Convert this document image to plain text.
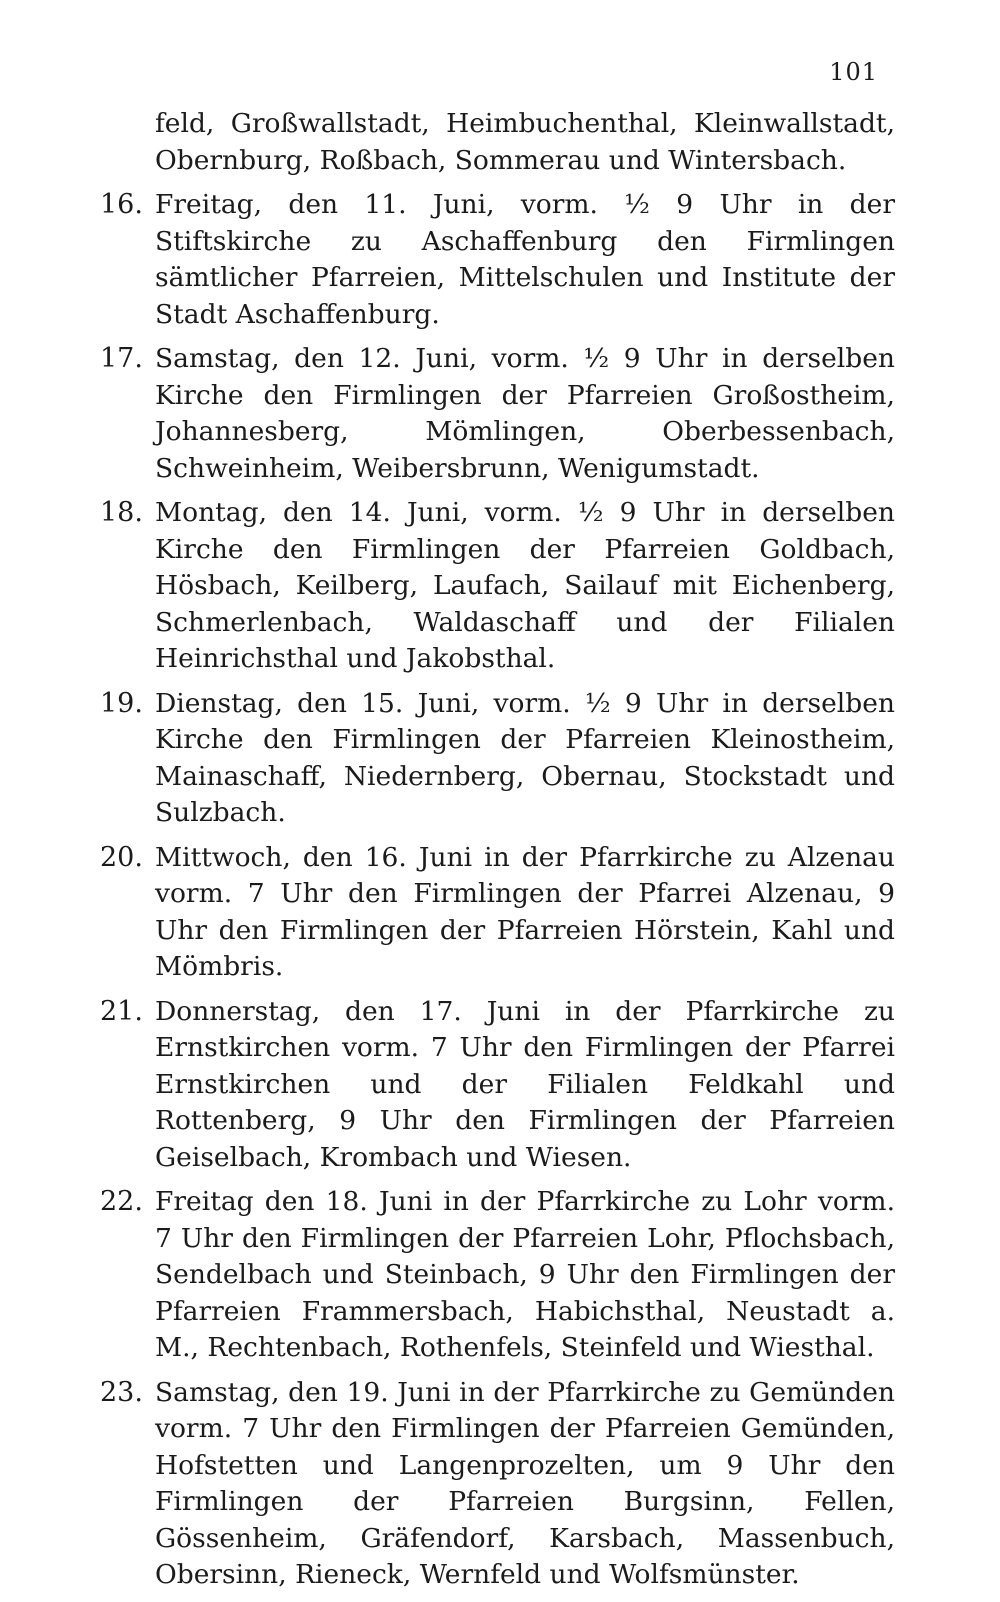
101
feld, Großwallstadt, Heimbuchenthal, Kleinwallstadt, Obernburg, Roßbach, Sommerau und Wintersbach.
16. Freitag, den 11. Juni, vorm. ½ 9 Uhr in der Stiftskirche zu Aschaffenburg den Firmlingen sämtlicher Pfarreien, Mittelschulen und Institute der Stadt Aschaffenburg.
17. Samstag, den 12. Juni, vorm. ½ 9 Uhr in derselben Kirche den Firmlingen der Pfarreien Großostheim, Johannesberg, Mömlingen, Oberbessenbach, Schweinheim, Weibersbrunn, Wenigumstadt.
18. Montag, den 14. Juni, vorm. ½ 9 Uhr in derselben Kirche den Firmlingen der Pfarreien Goldbach, Hösbach, Keilberg, Laufach, Sailauf mit Eichenberg, Schmerlenbach, Waldaschaff und der Filialen Heinrichsthal und Jakobsthal.
19. Dienstag, den 15. Juni, vorm. ½ 9 Uhr in derselben Kirche den Firmlingen der Pfarreien Kleinostheim, Mainaschaff, Niedernberg, Obernau, Stockstadt und Sulzbach.
20. Mittwoch, den 16. Juni in der Pfarrkirche zu Alzenau vorm. 7 Uhr den Firmlingen der Pfarrei Alzenau, 9 Uhr den Firmlingen der Pfarreien Hörstein, Kahl und Mömbris.
21. Donnerstag, den 17. Juni in der Pfarrkirche zu Ernstkirchen vorm. 7 Uhr den Firmlingen der Pfarrei Ernstkirchen und der Filialen Feldkahl und Rottenberg, 9 Uhr den Firmlingen der Pfarreien Geiselbach, Krombach und Wiesen.
22. Freitag den 18. Juni in der Pfarrkirche zu Lohr vorm. 7 Uhr den Firmlingen der Pfarreien Lohr, Pflochsbach, Sendelbach und Steinbach, 9 Uhr den Firmlingen der Pfarreien Frammersbach, Habichsthal, Neustadt a. M., Rechtenbach, Rothenfels, Steinfeld und Wiesthal.
23. Samstag, den 19. Juni in der Pfarrkirche zu Gemünden vorm. 7 Uhr den Firmlingen der Pfarreien Gemünden, Hofstetten und Langenprozelten, um 9 Uhr den Firmlingen der Pfarreien Burgsinn, Fellen, Gössenheim, Gräfendorf, Karsbach, Massenbuch, Obersinn, Rieneck, Wernfeld und Wolfsmünster.
